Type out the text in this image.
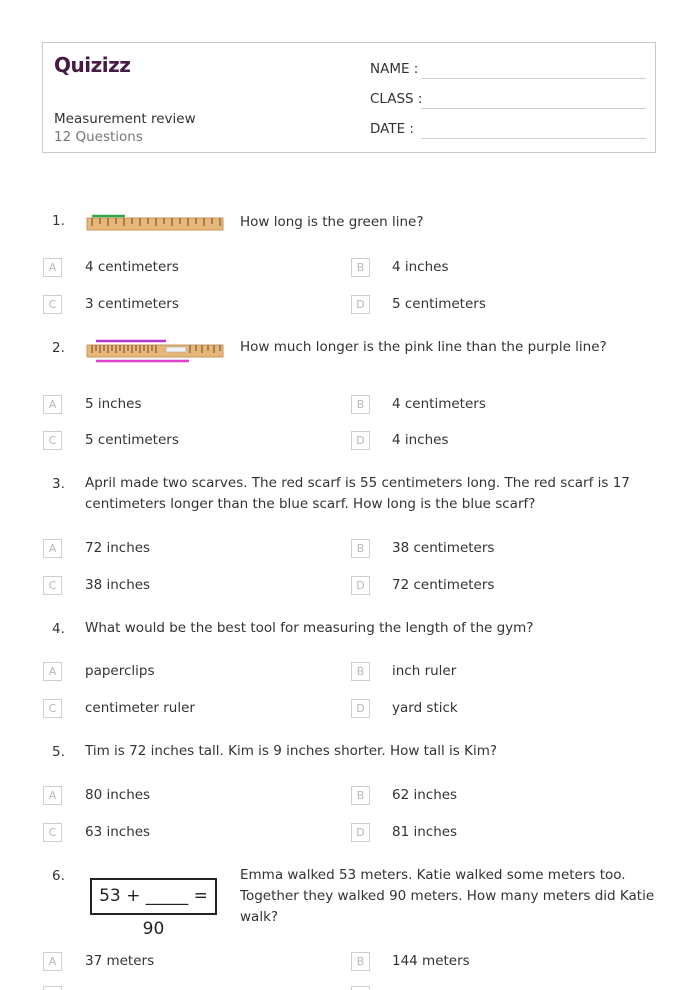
Quizizz
Measurement review
12 Questions
NAME :
CLASS :
DATE :
1.	How long is the green line?
A	4 centimeters	B	4 inches
C	3 centimeters	D	5 centimeters
2.	How much longer is the pink line than the purple line?
A	5 inches	B	4 centimeters
C	5 centimeters	D	4 inches
3. April made two scarves. The red scarf is 55 centimeters long. The red scarf is 17
centimeters longer than the blue scarf. How long is the blue scarf?
A	72 inches	B	38 centimeters
C	38 inches	D	72 centimeters
4. What would be the best tool for measuring the length of the gym?
A	paperclips	B	inch ruler
C	centimeter ruler	D	yard stick
5. Tim is 72 inches tall. Kim is 9 inches shorter. How tall is Kim?
A	80 inches	B	62 inches
C	63 inches	D	81 inches
6.
53 + _____ = 90
Emma walked 53 meters. Katie walked some meters too.
Together they walked 90 meters. How many meters did Katie
walk?
A	37 meters	B	144 meters
